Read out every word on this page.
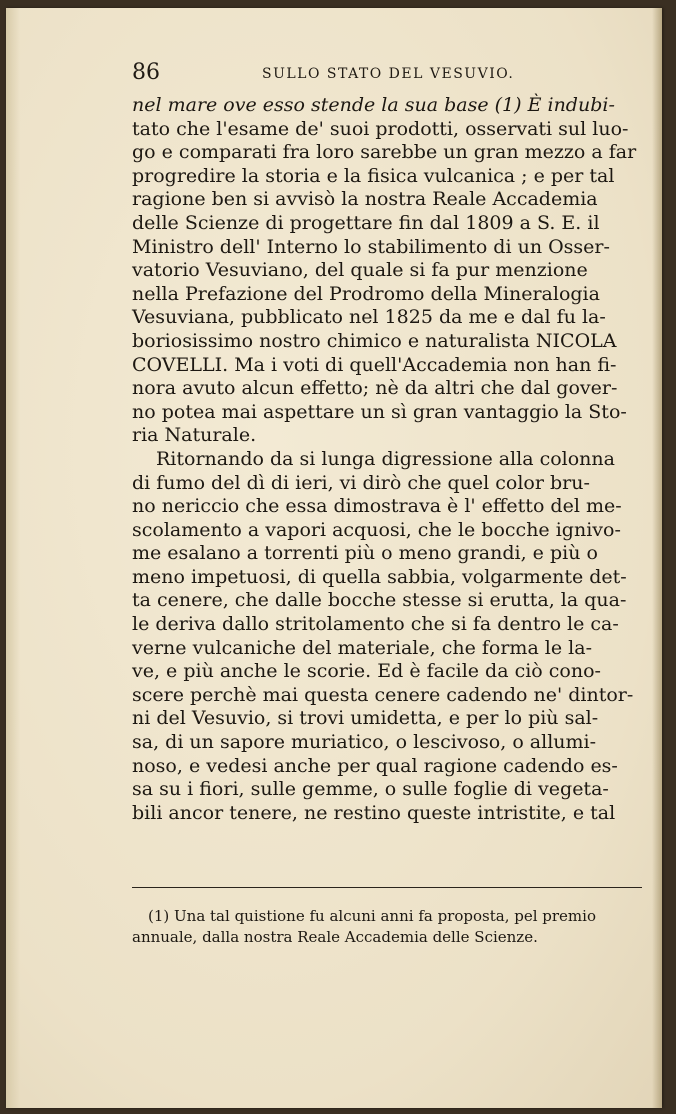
86	SULLO STATO DEL VESUVIO.
nel mare ove esso stende la sua base (1) È indubi-
tato che l'esame de' suoi prodotti, osservati sul luo-
go e comparati fra loro sarebbe un gran mezzo a far
progredire la storia e la fisica vulcanica ; e per tal
ragione ben si avvisò la nostra Reale Accademia
delle Scienze di progettare fin dal 1809 a S. E. il
Ministro dell' Interno lo stabilimento di un Osser-
vatorio Vesuviano, del quale si fa pur menzione
nella Prefazione del Prodromo della Mineralogia
Vesuviana, pubblicato nel 1825 da me e dal fu la-
boriosissimo nostro chimico e naturalista NICOLA
COVELLI. Ma i voti di quell'Accademia non han fi-
nora avuto alcun effetto; nè da altri che dal gover-
no potea mai aspettare un sì gran vantaggio la Sto-
ria Naturale.
Ritornando da si lunga digressione alla colonna
di fumo del dì di ieri, vi dirò che quel color bru-
no nericcio che essa dimostrava è l' effetto del me-
scolamento a vapori acquosi, che le bocche ignivo-
me esalano a torrenti più o meno grandi, e più o
meno impetuosi, di quella sabbia, volgarmente det-
ta cenere, che dalle bocche stesse si erutta, la qua-
le deriva dallo stritolamento che si fa dentro le ca-
verne vulcaniche del materiale, che forma le la-
ve, e più anche le scorie. Ed è facile da ciò cono-
scere perchè mai questa cenere cadendo ne' dintor-
ni del Vesuvio, si trovi umidetta, e per lo più sal-
sa, di un sapore muriatico, o lescivoso, o allumi-
noso, e vedesi anche per qual ragione cadendo es-
sa su i fiori, sulle gemme, o sulle foglie di vegeta-
bili ancor tenere, ne restino queste intristite, e tal
(1) Una tal quistione fu alcuni anni fa proposta, pel premio
annuale, dalla nostra Reale Accademia delle Scienze.
